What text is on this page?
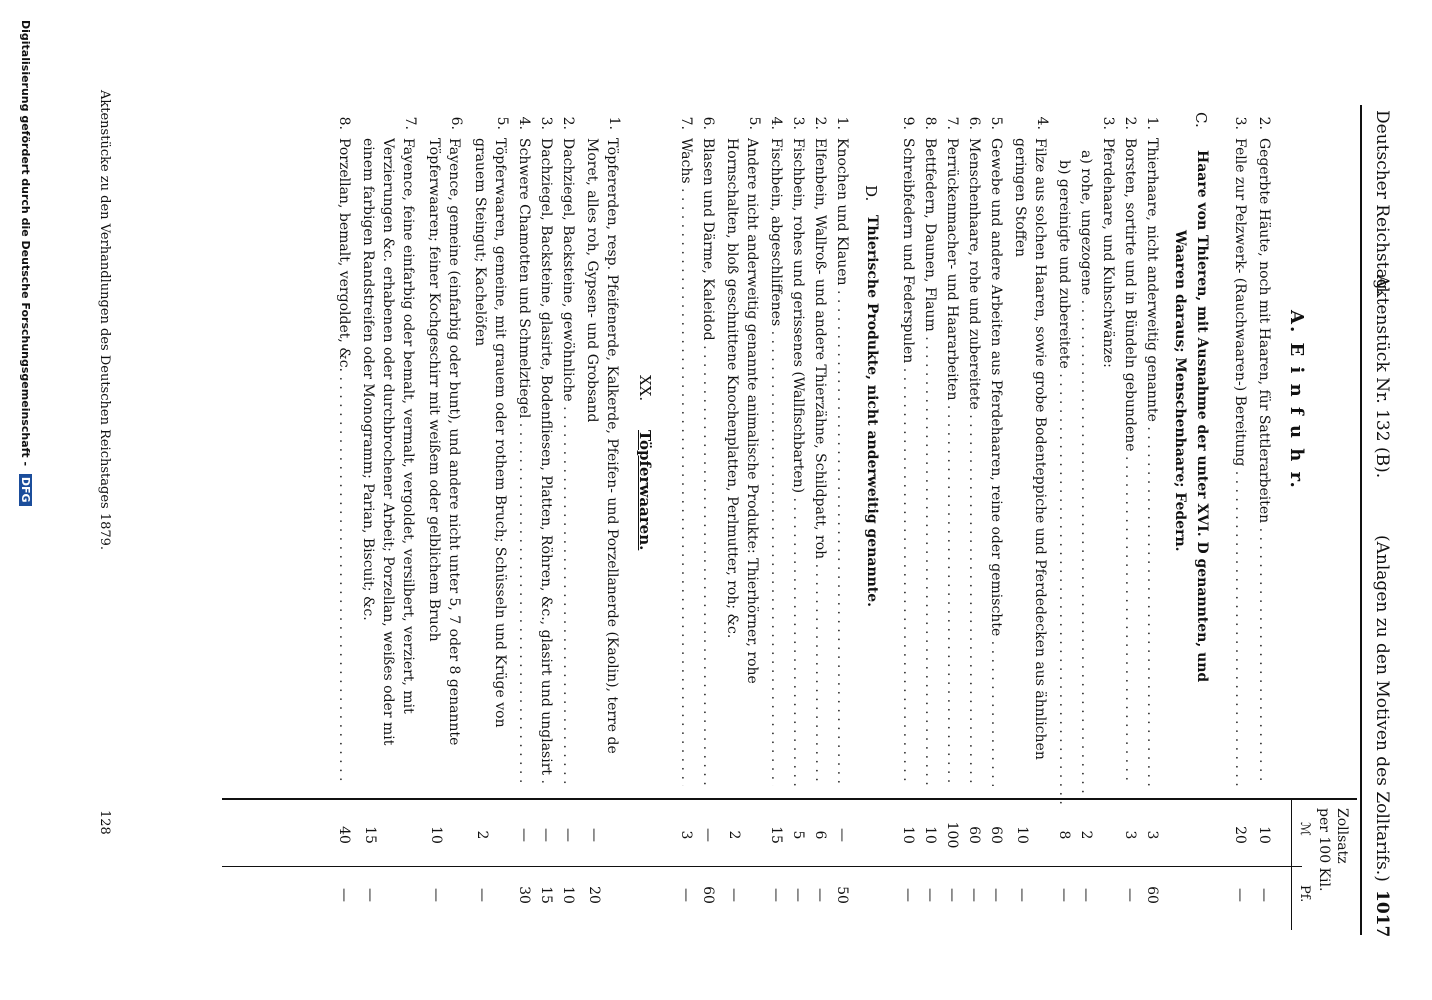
Deutscher Reichstag.
Aktenstück Nr. 132 (B).
(Anlagen zu den Motiven des Zolltarifs.)
1017
Zollsatz
per 100 Kil.
ℳ
Pf.
A. E i n f u h r.
2.
Gegerbte Häute, noch mit Haaren, für Sattlerarbeiten . . .
10
—
3.
Felle zur Pelzwerk- (Rauchwaaren-) Bereitung . . .
20
—
C.
Haare von Thieren, mit Ausnahme der unter XVI. D genannten, und
Waaren daraus; Menschenhaare; Federn.
1.
Thierhaare, nicht anderweitig genannte . . .
3
60
2.
Borsten, sortirte und in Bündeln gebundene . . .
3
—
3.
Pferdehaare, und Kuhschwänze:
a) rohe, ungezogene . . .
2
—
b) gereinigte und zubereitete . . .
8
—
4.
Filze aus solchen Haaren, sowie grobe Bodenteppiche und Pferdedecken aus ähnlichen geringen Stoffen
10
—
5.
Gewebe und andere Arbeiten aus Pferdehaaren, reine oder gemischte . . .
60
—
6.
Menschenhaare, rohe und zubereitete . . .
60
—
7.
Perrückenmacher- und Haararbeiten . . .
100
—
8.
Bettfedern, Daunen, Flaum . . .
10
—
9.
Schreibfedern und Federspulen . . .
10
—
D.
Thierische Produkte, nicht anderweitig genannte.
1.
Knochen und Klauen . . .
—
50
2.
Elfenbein, Wallroß- und andere Thierzähne, Schildpatt, roh . . .
6
—
3.
Fischbein, rohes und gerissenes (Wallfischbarten) . . .
5
—
4.
Fischbein, abgeschliffenes . . .
15
—
5.
Andere nicht anderweitig genannte animalische Produkte: Thierhörner, rohe Hornschalten, bloß geschnittene Knochenplatten, Perlmutter, roh; &c.
2
—
6.
Blasen und Därme, Kaleidod . . .
—
60
7.
Wachs . . .
3
—
XX.
Töpferwaaren.
1.
Töpfererden, resp. Pfeifenerde, Kalkerde, Pfeifen- und Porzellanerde (Kaolin), terre de Moret, alles roh, Gypsen- und Grobsand
—
20
2.
Dachziegel, Backsteine, gewöhnliche . . .
—
10
3.
Dachziegel, Backsteine, glasirte, Bodenfliesen, Platten, Röhren, &c., glasirt und unglasirt . . .
—
15
4.
Schwere Chamotten und Schmelztiegel . . .
—
30
5.
Töpferwaaren, gemeine, mit grauem oder rothem Bruch; Schüsseln und Krüge von grauem Steingut; Kachelöfen
2
—
6.
Fayence, gemeine (einfarbig oder bunt), und andere nicht unter 5, 7 oder 8 genannte Töpferwaaren; feiner Kochgeschirr mit weißem oder gelblichem Bruch
10
—
7.
Fayence, feine einfarbig oder bemalt, vermalt, vergoldet, versilbert, verziert, mit Verzierungen &c. erhabenen oder durchbrochener Arbeit; Porzellan, weißes oder mit einem farbigen Randstreifen oder Monogramm; Parian, Biscuit; &c.
15
—
8.
Porzellan, bemalt, vergoldet, &c. . . .
40
—
Aktenstücke zu den Verhandlungen des Deutschen Reichstages 1879.
128
Digitalisierung gefördert durch die Deutsche Forschungsgemeinschaft - DFG
